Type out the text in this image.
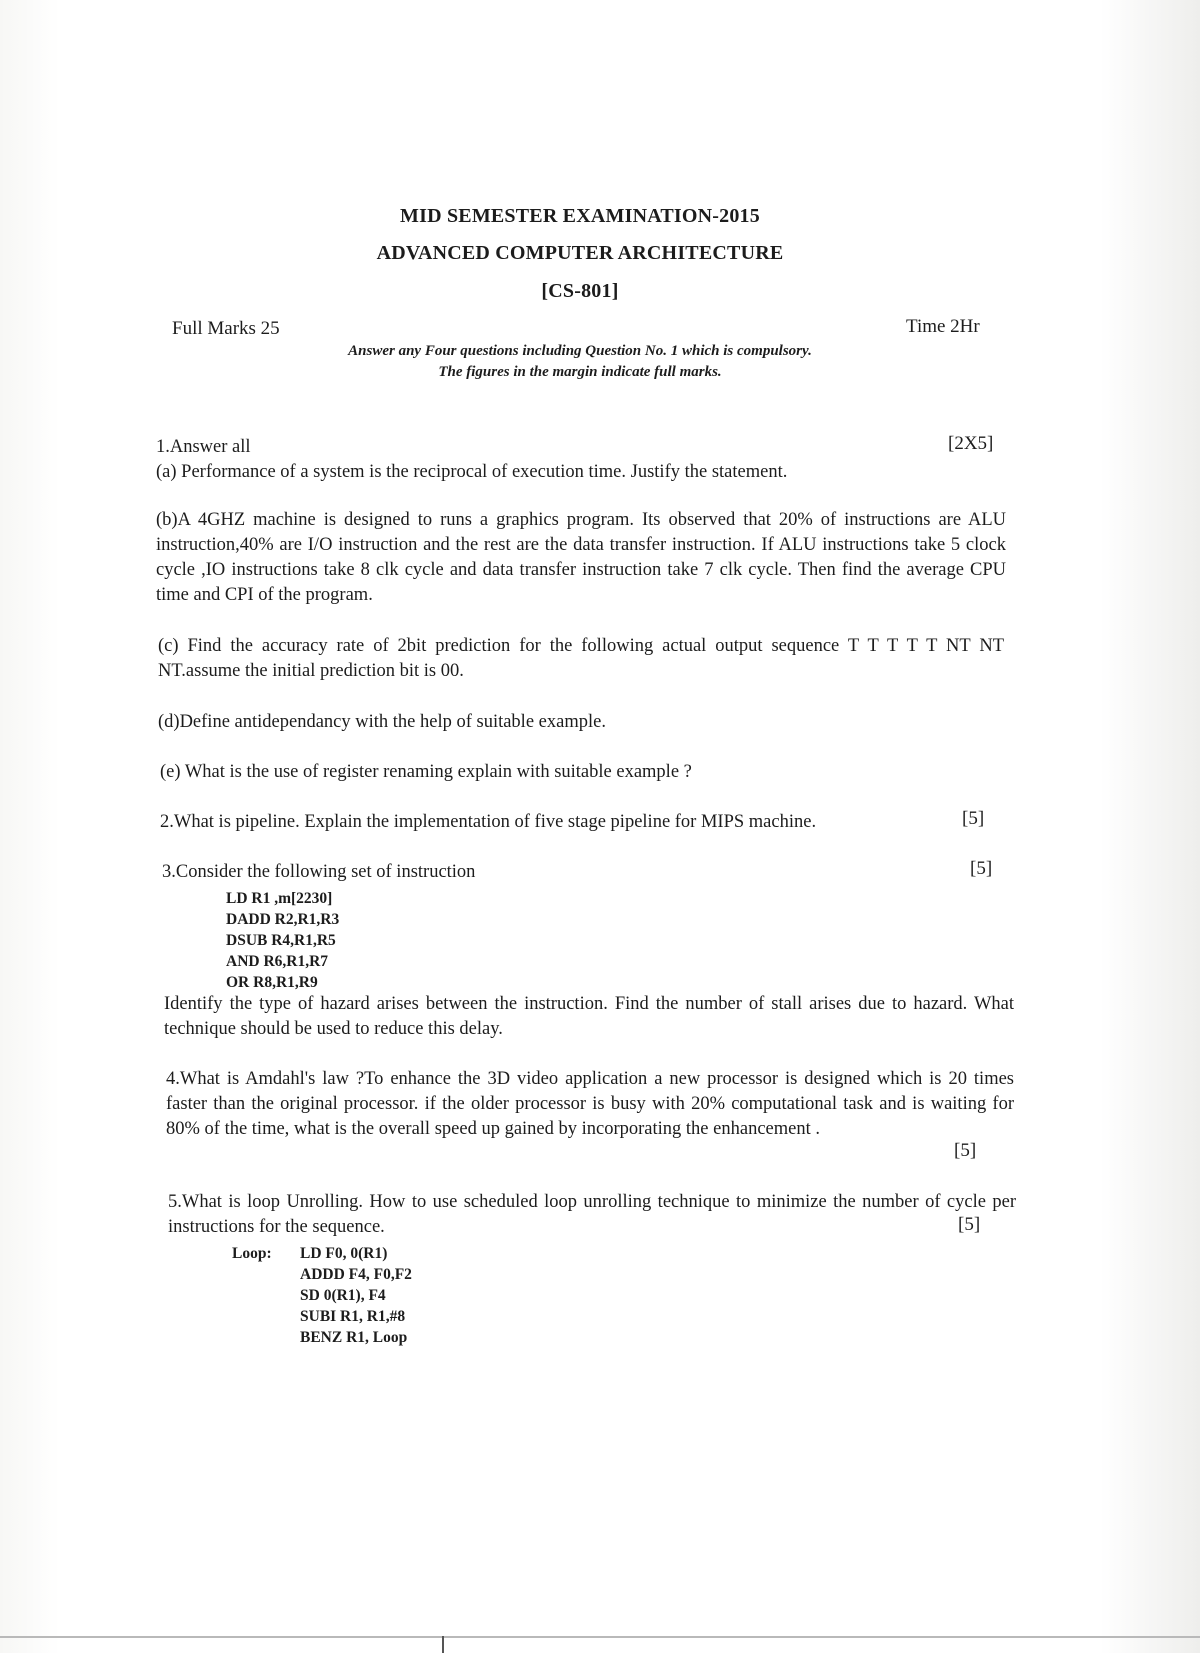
MID SEMESTER EXAMINATION-2015
ADVANCED COMPUTER ARCHITECTURE
[CS-801]
Full Marks 25	Time 2Hr
Answer any Four questions including Question No. 1 which is compulsory.
The figures in the margin indicate full marks.
1.Answer all	[2X5]
(a) Performance of a system is the reciprocal of execution time. Justify the statement.
(b)A 4GHZ machine is designed to runs a graphics program. Its observed that 20% of instructions are ALU instruction,40% are I/O instruction and the rest are the data transfer instruction. If ALU instructions take 5 clock cycle ,IO instructions take 8 clk cycle and data transfer instruction take 7 clk cycle. Then find the average CPU time and CPI of the program.
(c) Find the accuracy rate of 2bit prediction for the following actual output sequence T T T T T NT NT NT.assume the initial prediction bit is 00.
(d)Define antidependancy with the help of suitable example.
(e) What is the use of register renaming explain with suitable example ?
2.What is pipeline. Explain the implementation of five stage pipeline for MIPS machine.	[5]
3.Consider the following set of instruction	[5]
LD R1 ,m[2230]
DADD R2,R1,R3
DSUB R4,R1,R5
AND R6,R1,R7
OR R8,R1,R9
Identify the type of hazard arises between the instruction. Find the number of stall arises due to hazard. What technique should be used to reduce this delay.
4.What is Amdahl's law ?To enhance the 3D video application a new processor is designed which is 20 times faster than the original processor. if the older processor is busy with 20% computational task and is waiting for 80% of the time, what is the overall speed up gained by incorporating the enhancement .
[5]
5.What is loop Unrolling. How to use scheduled loop unrolling technique to minimize the number of cycle per instructions for the sequence.	[5]
Loop: LD F0, 0(R1)
ADDD F4, F0,F2
SD 0(R1), F4
SUBI R1, R1,#8
BENZ R1, Loop
